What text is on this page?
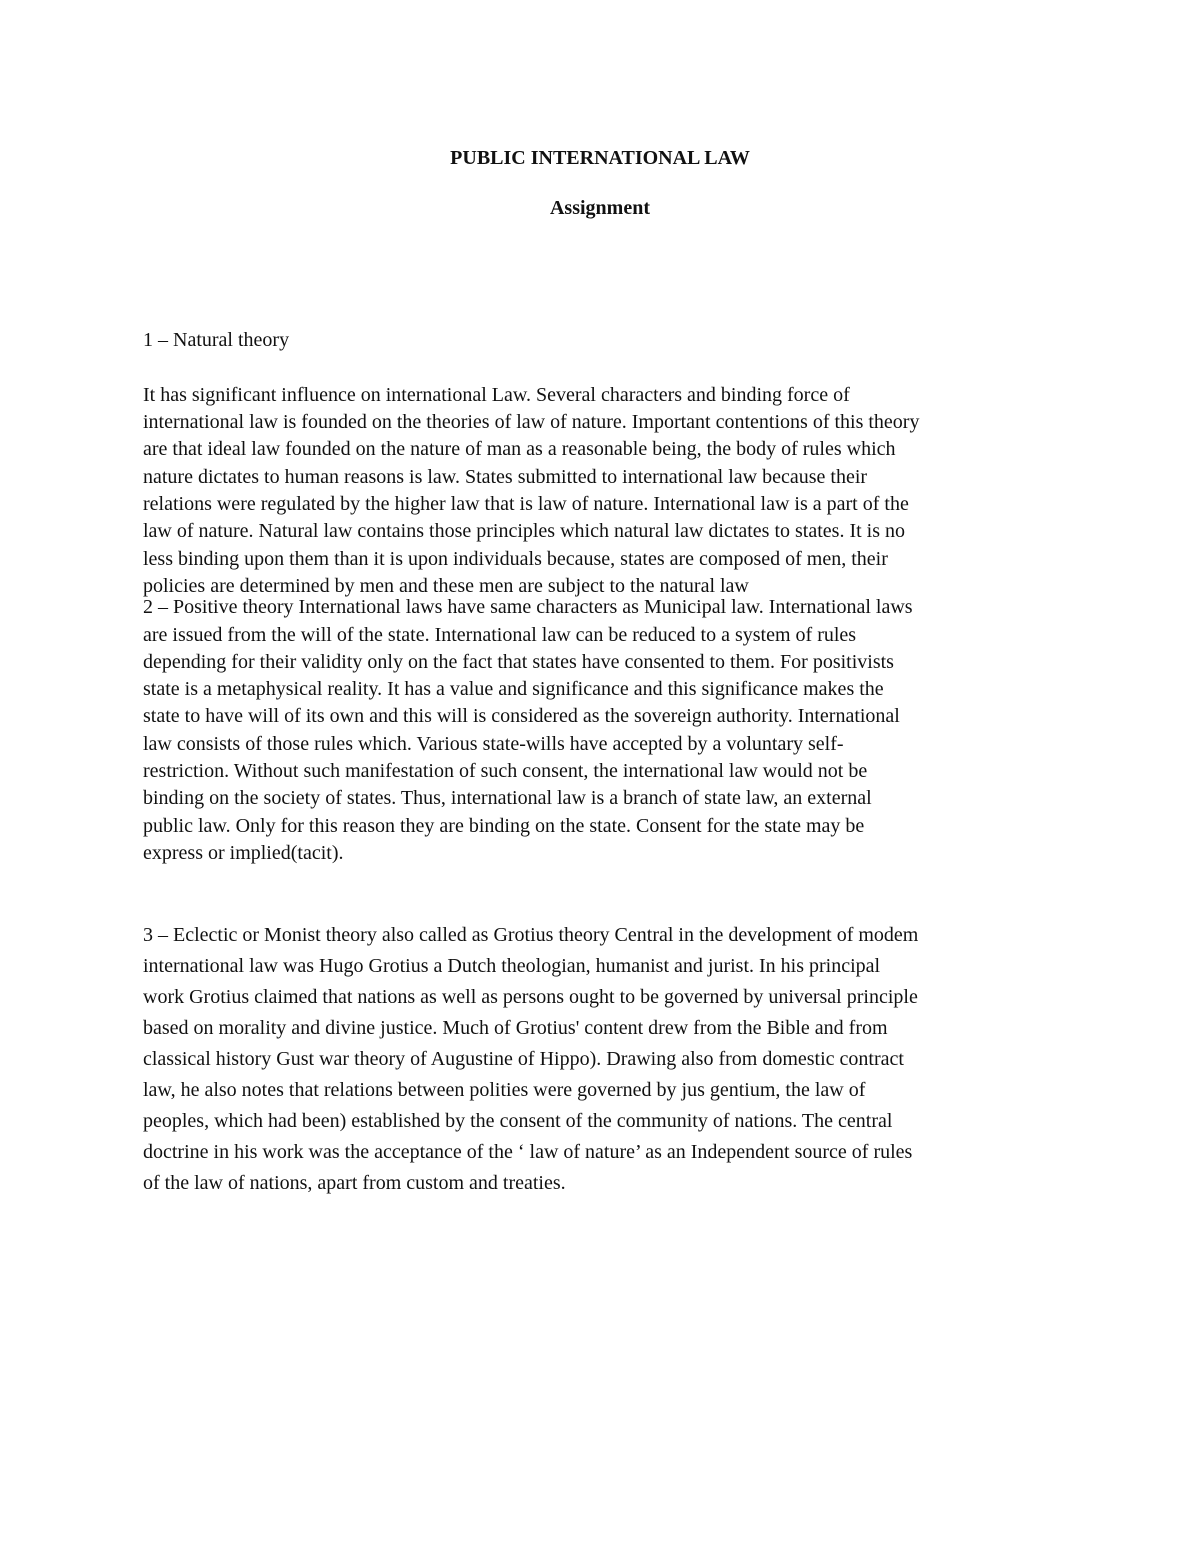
PUBLIC INTERNATIONAL LAW
Assignment

1 – Natural theory

It has significant influence on international Law. Several characters and binding force of
international law is founded on the theories of law of nature. Important contentions of this theory
are that ideal law founded on the nature of man as a reasonable being, the body of rules which
nature dictates to human reasons is law. States submitted to international law because their
relations were regulated by the higher law that is law of nature. International law is a part of the
law of nature. Natural law contains those principles which natural law dictates to states. It is no
less binding upon them than it is upon individuals because, states are composed of men, their
policies are determined by men and these men are subject to the natural law

2 – Positive theory International laws have same characters as Municipal law. International laws
are issued from the will of the state. International law can be reduced to a system of rules
depending for their validity only on the fact that states have consented to them. For positivists
state is a metaphysical reality. It has a value and significance and this significance makes the
state to have will of its own and this will is considered as the sovereign authority. International
law consists of those rules which. Various state-wills have accepted by a voluntary self-
restriction. Without such manifestation of such consent, the international law would not be
binding on the society of states. Thus, international law is a branch of state law, an external
public law. Only for this reason they are binding on the state. Consent for the state may be
express or implied(tacit).

3 – Eclectic or Monist theory also called as Grotius theory Central in the development of modem
international law was Hugo Grotius a Dutch theologian, humanist and jurist. In his principal
work Grotius claimed that nations as well as persons ought to be governed by universal principle
based on morality and divine justice. Much of Grotius' content drew from the Bible and from
classical history Gust war theory of Augustine of Hippo). Drawing also from domestic contract
law, he also notes that relations between polities were governed by jus gentium, the law of
peoples, which had been) established by the consent of the community of nations. The central
doctrine in his work was the acceptance of the ‘ law of nature’ as an Independent source of rules
of the law of nations, apart from custom and treaties.
